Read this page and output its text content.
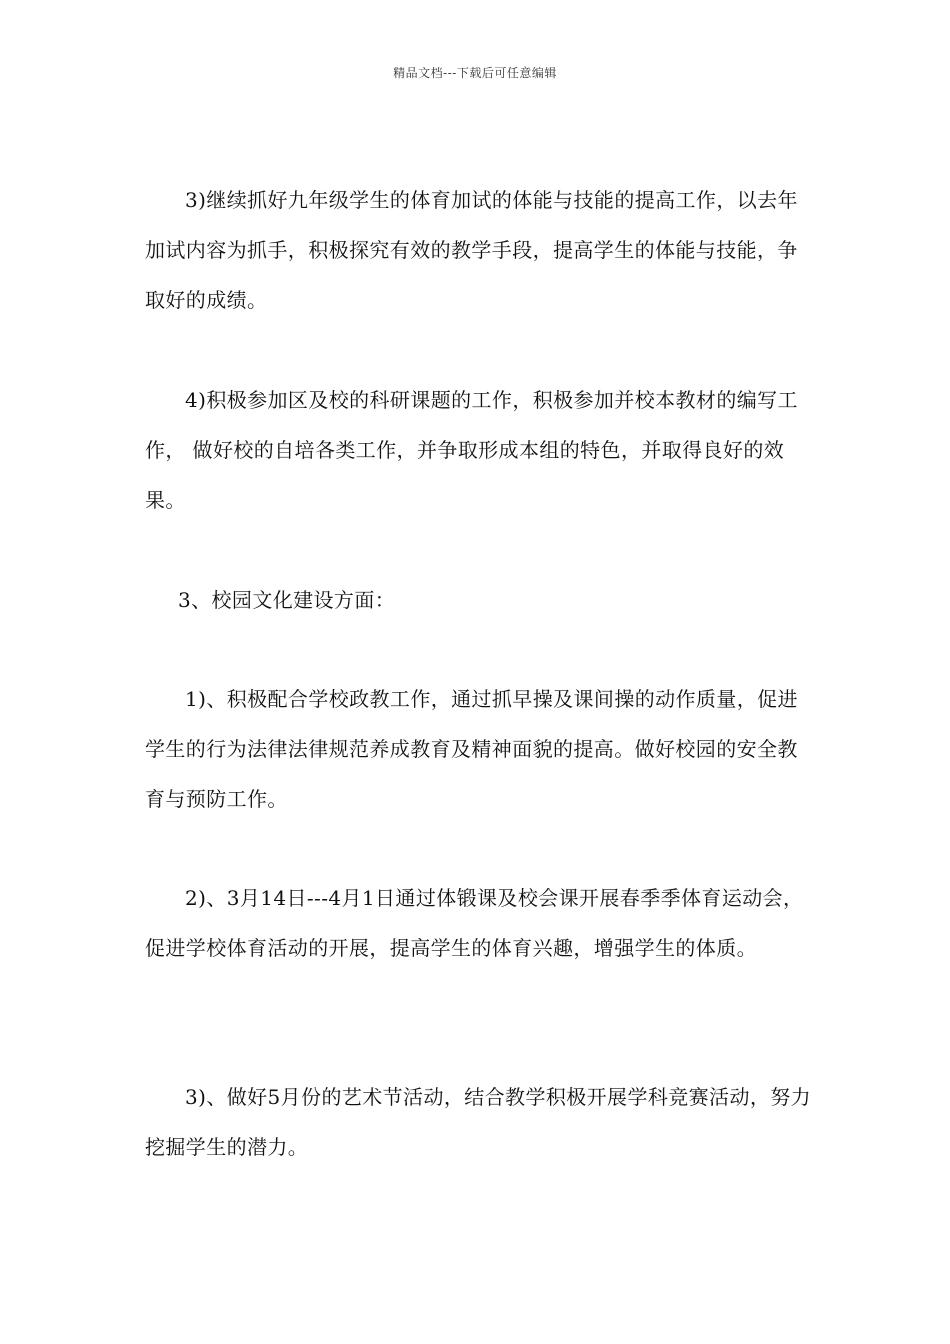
精品文档---下载后可任意编辑

3)继续抓好九年级学生的体育加试的体能与技能的提高工作，以去年加试内容为抓手，积极探究有效的教学手段，提高学生的体能与技能，争取好的成绩。

4)积极参加区及校的科研课题的工作，积极参加并校本教材的编写工作， 做好校的自培各类工作，并争取形成本组的特色，并取得良好的效果。

3、校园文化建设方面：

1)、积极配合学校政教工作，通过抓早操及课间操的动作质量，促进学生的行为法律法律规范养成教育及精神面貌的提高。做好校园的安全教育与预防工作。

2)、3月14日---4月1日通过体锻课及校会课开展春季季体育运动会，促进学校体育活动的开展，提高学生的体育兴趣，增强学生的体质。

3)、做好5月份的艺术节活动，结合教学积极开展学科竞赛活动，努力挖掘学生的潜力。
